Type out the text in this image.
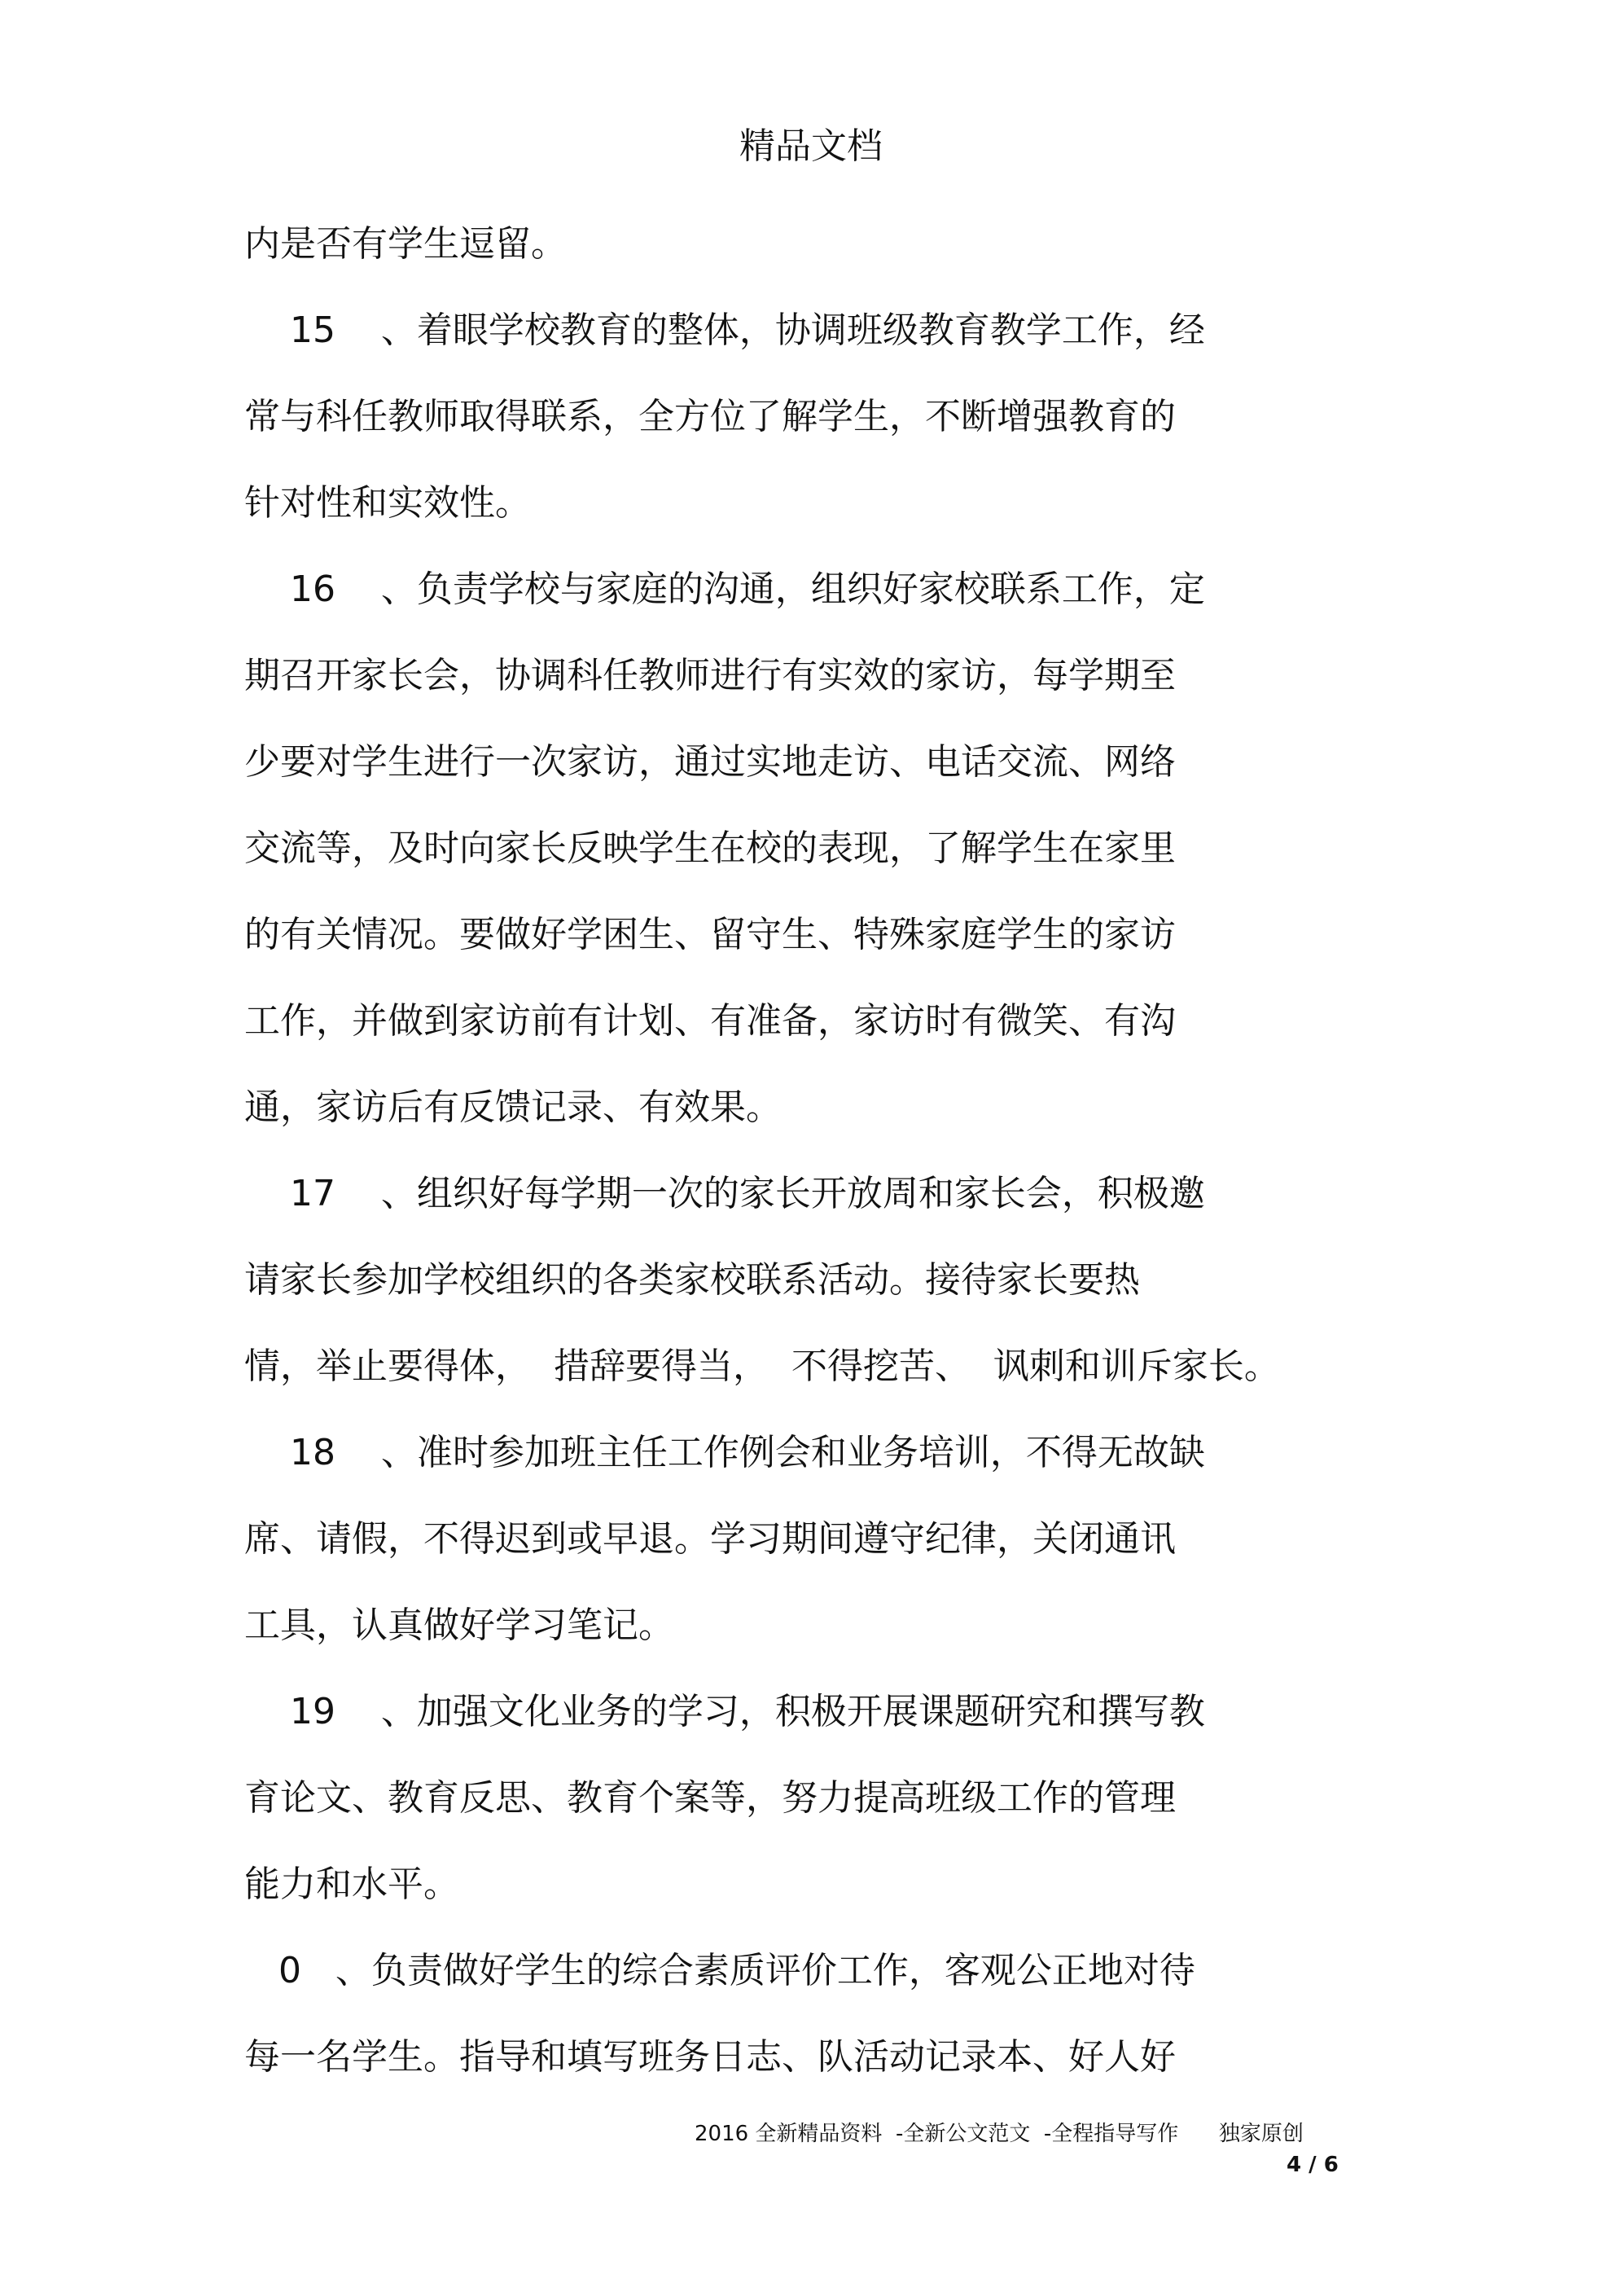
精品文档
内是否有学生逗留。
15    、着眼学校教育的整体，协调班级教育教学工作，经
常与科任教师取得联系，全方位了解学生，不断增强教育的
针对性和实效性。
16    、负责学校与家庭的沟通，组织好家校联系工作，定
期召开家长会，协调科任教师进行有实效的家访，每学期至
少要对学生进行一次家访，通过实地走访、电话交流、网络
交流等，及时向家长反映学生在校的表现，了解学生在家里
的有关情况。要做好学困生、留守生、特殊家庭学生的家访
工作，并做到家访前有计划、有准备，家访时有微笑、有沟
通，家访后有反馈记录、有效果。
17    、组织好每学期一次的家长开放周和家长会，积极邀
请家长参加学校组织的各类家校联系活动。接待家长要热
情，举止要得体，  措辞要得当，  不得挖苦、  讽刺和训斥家长。
18    、准时参加班主任工作例会和业务培训，不得无故缺
席、请假，不得迟到或早退。学习期间遵守纪律，关闭通讯
工具，认真做好学习笔记。
19    、加强文化业务的学习，积极开展课题研究和撰写教
育论文、教育反思、教育个案等，努力提高班级工作的管理
能力和水平。
0   、负责做好学生的综合素质评价工作，客观公正地对待
每一名学生。指导和填写班务日志、队活动记录本、好人好
2016 全新精品资料  -全新公文范文  -全程指导写作      独家原创
4 / 6
